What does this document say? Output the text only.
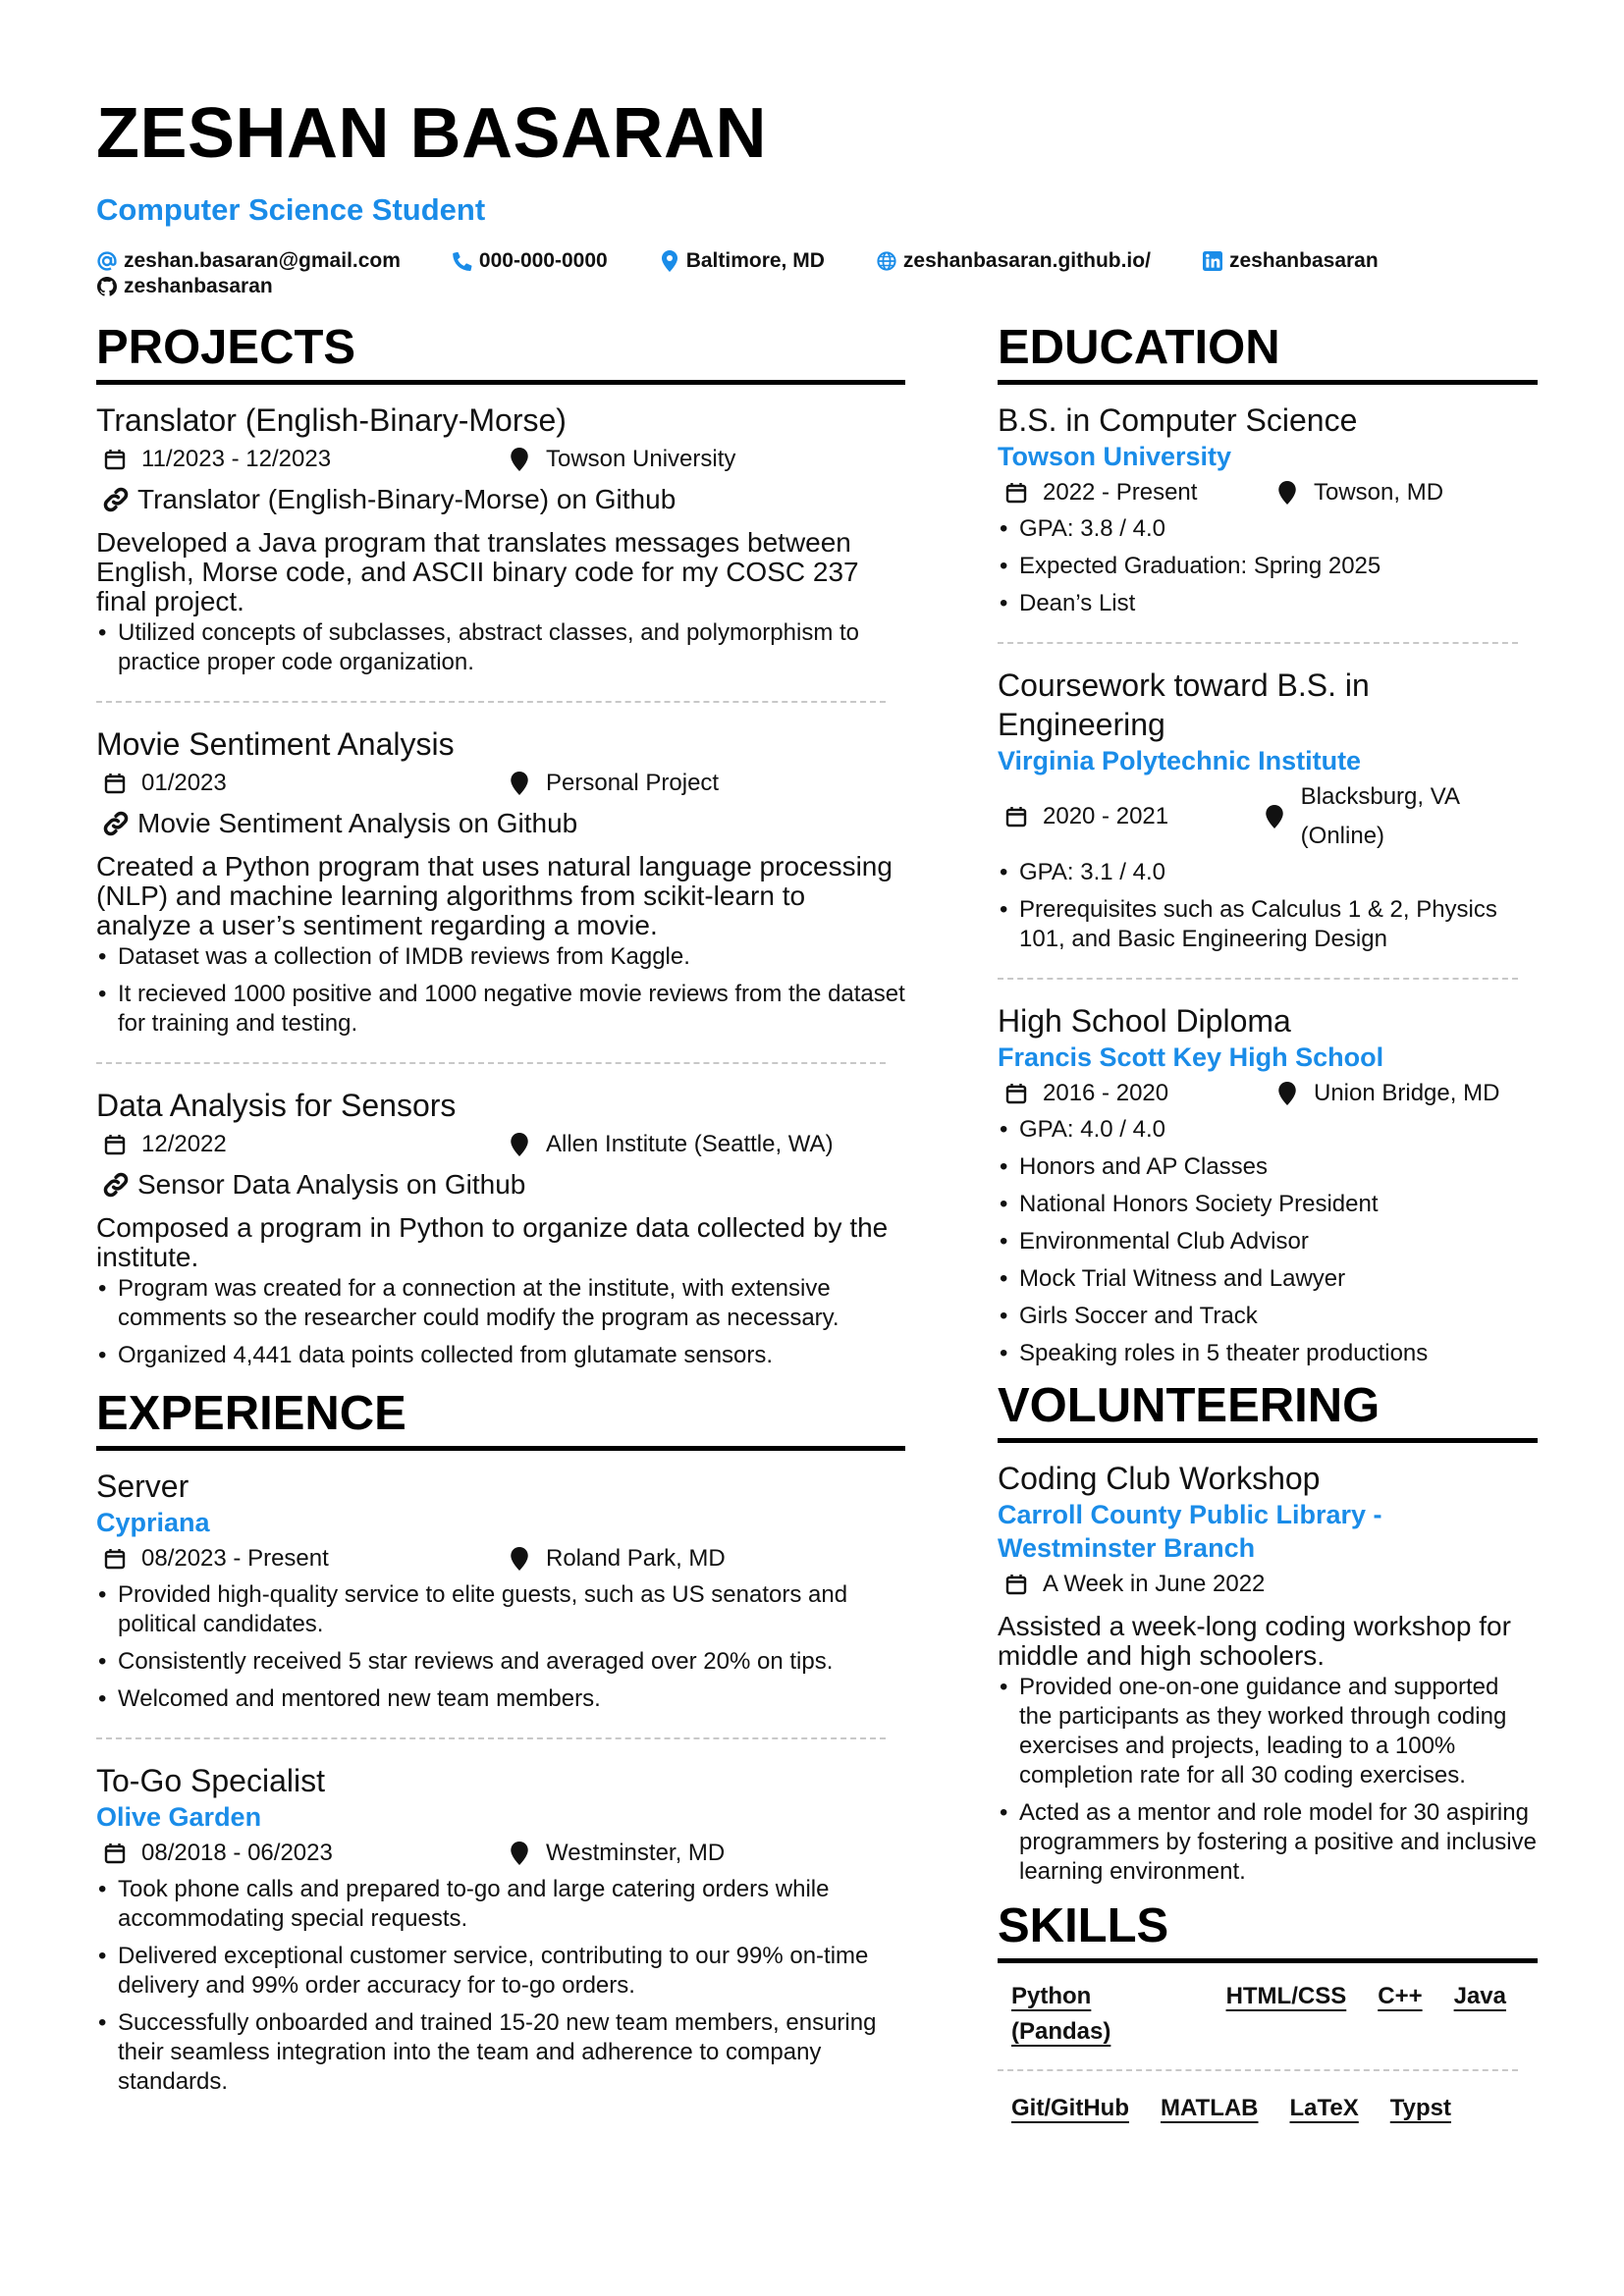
ZESHAN BASARAN
Computer Science Student
zeshan.basaran@gmail.com	000-000-0000	Baltimore, MD	zeshanbasaran.github.io/	zeshanbasaran
zeshanbasaran
PROJECTS
Translator (English-Binary-Morse)
11/2023 - 12/2023	Towson University
Translator (English-Binary-Morse) on Github
Developed a Java program that translates messages between English, Morse code, and ASCII binary code for my COSC 237 final project.
• Utilized concepts of subclasses, abstract classes, and polymorphism to practice proper code organization.
Movie Sentiment Analysis
01/2023	Personal Project
Movie Sentiment Analysis on Github
Created a Python program that uses natural language processing (NLP) and machine learning algorithms from scikit-learn to analyze a user’s sentiment regarding a movie.
• Dataset was a collection of IMDB reviews from Kaggle.
• It recieved 1000 positive and 1000 negative movie reviews from the dataset for training and testing.
Data Analysis for Sensors
12/2022	Allen Institute (Seattle, WA)
Sensor Data Analysis on Github
Composed a program in Python to organize data collected by the institute.
• Program was created for a connection at the institute, with extensive comments so the researcher could modify the program as necessary.
• Organized 4,441 data points collected from glutamate sensors.
EXPERIENCE
Server
Cypriana
08/2023 - Present	Roland Park, MD
• Provided high-quality service to elite guests, such as US senators and political candidates.
• Consistently received 5 star reviews and averaged over 20% on tips.
• Welcomed and mentored new team members.
To-Go Specialist
Olive Garden
08/2018 - 06/2023	Westminster, MD
• Took phone calls and prepared to-go and large catering orders while accommodating special requests.
• Delivered exceptional customer service, contributing to our 99% on-time delivery and 99% order accuracy for to-go orders.
• Successfully onboarded and trained 15-20 new team members, ensuring their seamless integration into the team and adherence to company standards.
EDUCATION
B.S. in Computer Science
Towson University
2022 - Present	Towson, MD
• GPA: 3.8 / 4.0
• Expected Graduation: Spring 2025
• Dean’s List
Coursework toward B.S. in Engineering
Virginia Polytechnic Institute
2020 - 2021
Blacksburg, VA (Online)
• GPA: 3.1 / 4.0
• Prerequisites such as Calculus 1 & 2, Physics 101, and Basic Engineering Design
High School Diploma
Francis Scott Key High School
2016 - 2020	Union Bridge, MD
• GPA: 4.0 / 4.0
• Honors and AP Classes
• National Honors Society President
• Environmental Club Advisor
• Mock Trial Witness and Lawyer
• Girls Soccer and Track
• Speaking roles in 5 theater productions
VOLUNTEERING
Coding Club Workshop
Carroll County Public Library - Westminster Branch
A Week in June 2022
Assisted a week-long coding workshop for middle and high schoolers.
• Provided one-on-one guidance and supported the participants as they worked through coding exercises and projects, leading to a 100% completion rate for all 30 coding exercises.
• Acted as a mentor and role model for 30 aspiring programmers by fostering a positive and inclusive learning environment.
SKILLS
Python (Pandas)
HTML/CSS C++ Java
Git/GitHub MATLAB LaTeX Typst
